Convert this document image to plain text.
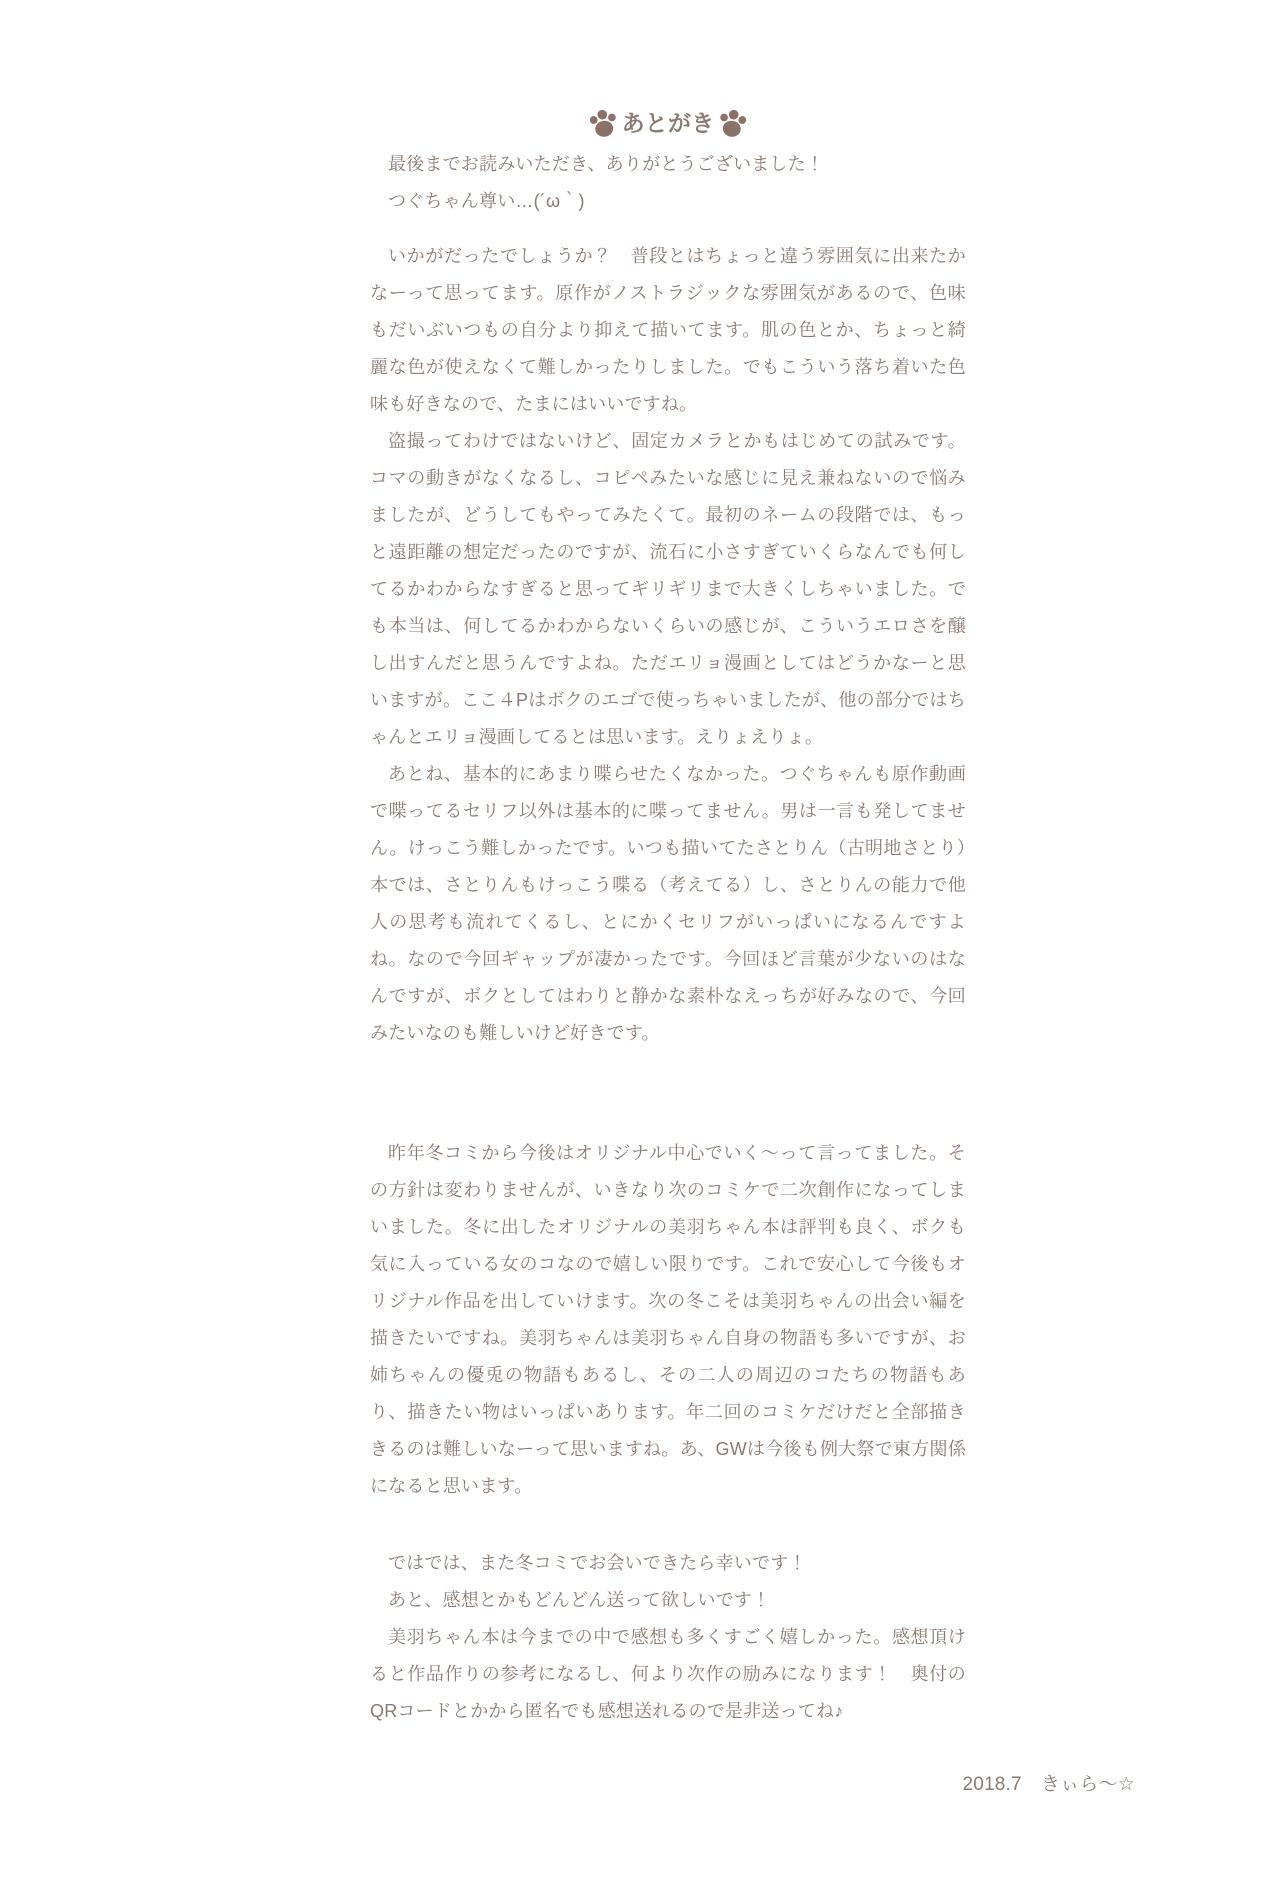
あとがき

最後までお読みいただき、ありがとうございました！

つぐちゃん尊い…(´ω｀)

いかがだったでしょうか？　普段とはちょっと違う雰囲気に出来たかなーって思ってます。原作がノストラジックな雰囲気があるので、色味もだいぶいつもの自分より抑えて描いてます。肌の色とか、ちょっと綺麗な色が使えなくて難しかったりしました。でもこういう落ち着いた色味も好きなので、たまにはいいですね。

盗撮ってわけではないけど、固定カメラとかもはじめての試みです。コマの動きがなくなるし、コピペみたいな感じに見え兼ねないので悩みましたが、どうしてもやってみたくて。最初のネームの段階では、もっと遠距離の想定だったのですが、流石に小さすぎていくらなんでも何してるかわからなすぎると思ってギリギリまで大きくしちゃいました。でも本当は、何してるかわからないくらいの感じが、こういうエロさを醸し出すんだと思うんですよね。ただエリョ漫画としてはどうかなーと思いますが。ここ４Pはボクのエゴで使っちゃいましたが、他の部分ではちゃんとエリョ漫画してるとは思います。えりょえりょ。

あとね、基本的にあまり喋らせたくなかった。つぐちゃんも原作動画で喋ってるセリフ以外は基本的に喋ってません。男は一言も発してません。けっこう難しかったです。いつも描いてたさとりん（古明地さとり）本では、さとりんもけっこう喋る（考えてる）し、さとりんの能力で他人の思考も流れてくるし、とにかくセリフがいっぱいになるんですよね。なので今回ギャップが凄かったです。今回ほど言葉が少ないのはなんですが、ボクとしてはわりと静かな素朴なえっちが好みなので、今回みたいなのも難しいけど好きです。

昨年冬コミから今後はオリジナル中心でいく〜って言ってました。その方針は変わりませんが、いきなり次のコミケで二次創作になってしまいました。冬に出したオリジナルの美羽ちゃん本は評判も良く、ボクも気に入っている女のコなので嬉しい限りです。これで安心して今後もオリジナル作品を出していけます。次の冬こそは美羽ちゃんの出会い編を描きたいですね。美羽ちゃんは美羽ちゃん自身の物語も多いですが、お姉ちゃんの優兎の物語もあるし、その二人の周辺のコたちの物語もあり、描きたい物はいっぱいあります。年二回のコミケだけだと全部描ききるのは難しいなーって思いますね。あ、GWは今後も例大祭で東方関係になると思います。

ではでは、また冬コミでお会いできたら幸いです！

あと、感想とかもどんどん送って欲しいです！

美羽ちゃん本は今までの中で感想も多くすごく嬉しかった。感想頂けると作品作りの参考になるし、何より次作の励みになります！　奥付のQRコードとかから匿名でも感想送れるので是非送ってね♪

2018.7　きぃら〜☆
